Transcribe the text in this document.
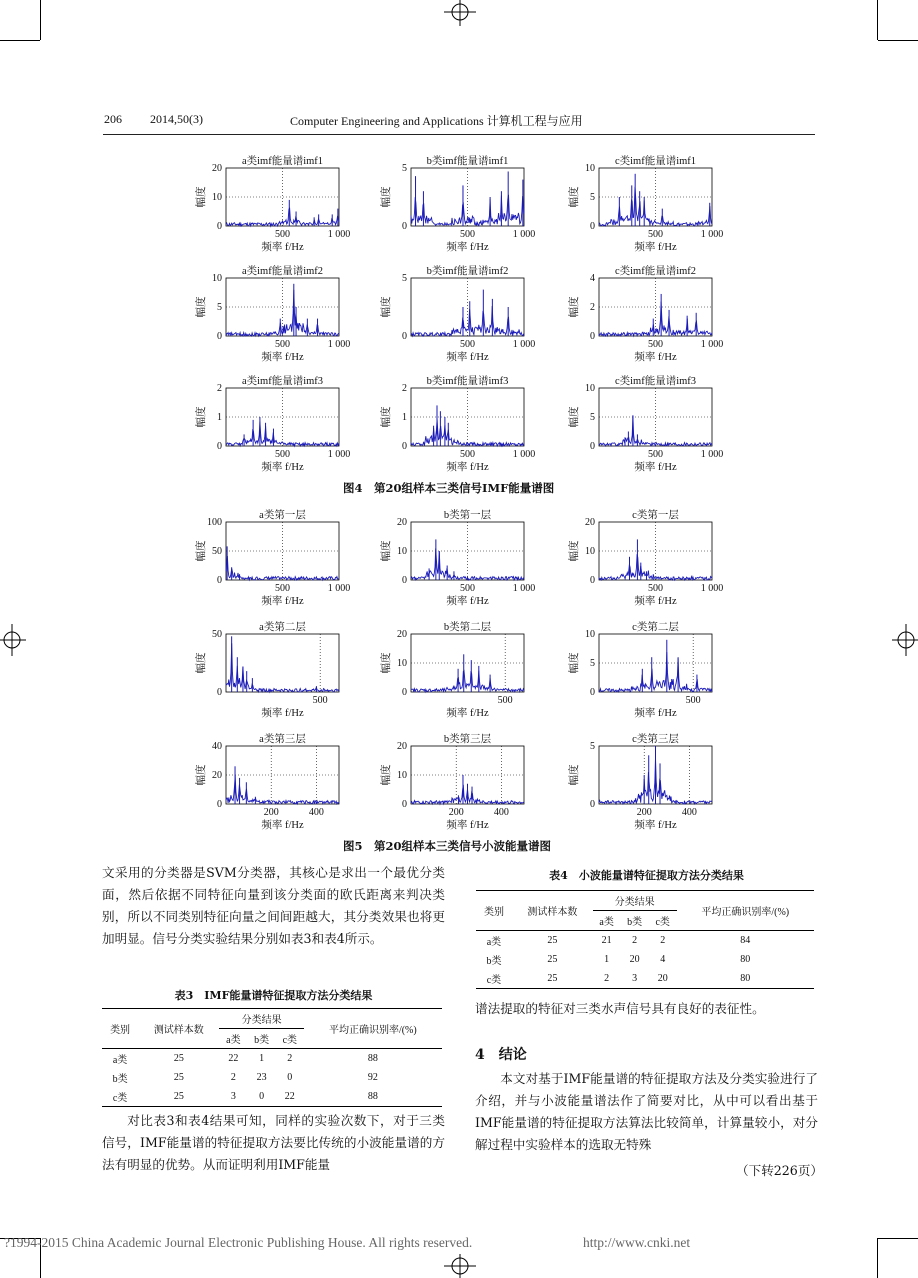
206 2014,50(3)	Computer Engineering and Applications 计算机工程与应用
a类imf能量谱imf1
0
10
20
500	1 000
幅度
频率 f/Hz
b类imf能量谱imf1
0
5
500	1 000
幅度
频率 f/Hz
c类imf能量谱imf1
0
5
10
500	1 000
幅度
频率 f/Hz
a类imf能量谱imf2
0
5
10
500	1 000
幅度
频率 f/Hz
b类imf能量谱imf2
0
5
500	1 000
幅度
频率 f/Hz
c类imf能量谱imf2
0
2
4
500	1 000
幅度
频率 f/Hz
a类imf能量谱imf3
0
1
2
500	1 000
幅度
频率 f/Hz
b类imf能量谱imf3
0
1
2
500	1 000
幅度
频率 f/Hz
c类imf能量谱imf3
0
5
10
500	1 000
幅度
频率 f/Hz
图4　第20组样本三类信号IMF能量谱图
a类第一层
0
50
100
500	1 000
幅度
频率 f/Hz
b类第一层
0
10
20
500	1 000
幅度
频率 f/Hz
c类第一层
0
10
20
500	1 000
幅度
频率 f/Hz
a类第二层
0
50
500
幅度
频率 f/Hz
b类第二层
0
10
20
500
幅度
频率 f/Hz
c类第二层
0
5
10
500
幅度
频率 f/Hz
a类第三层
0
20
40
200	400
幅度
频率 f/Hz
b类第三层
0
10
20
200	400
幅度
频率 f/Hz
c类第三层
0
5
200	400
幅度
频率 f/Hz
图5　第20组样本三类信号小波能量谱图

文采用的分类器是SVM分类器，其核心是求出一个最优分类面，然后依据不同特征向量到该分类面的欧氏距离来判决类别，所以不同类别特征向量之间间距越大，其分类效果也将更加明显。信号分类实验结果分别如表3和表4所示。

表3　IMF能量谱特征提取方法分类结果
类别	测试样本数	分类结果			平均正确识别率/(%)
		a类	b类	c类	
a类	25	22	1	2	88
b类	25	2	23	0	92
c类	25	3	0	22	88

对比表3和表4结果可知，同样的实验次数下，对于三类信号，IMF能量谱的特征提取方法要比传统的小波能量谱的方法有明显的优势。从而证明利用IMF能量

表4　小波能量谱特征提取方法分类结果
类别	测试样本数	分类结果			平均正确识别率/(%)
		a类	b类	c类	
a类	25	21	2	2	84
b类	25	1	20	4	80
c类	25	2	3	20	80

谱法提取的特征对三类水声信号具有良好的表征性。

4　结论

本文对基于IMF能量谱的特征提取方法及分类实验进行了介绍，并与小波能量谱法作了简要对比，从中可以看出基于IMF能量谱的特征提取方法算法比较简单，计算量较小，对分解过程中实验样本的选取无特殊

（下转226页）
?1994-2015 China Academic Journal Electronic Publishing House. All rights reserved.	http://www.cnki.net
